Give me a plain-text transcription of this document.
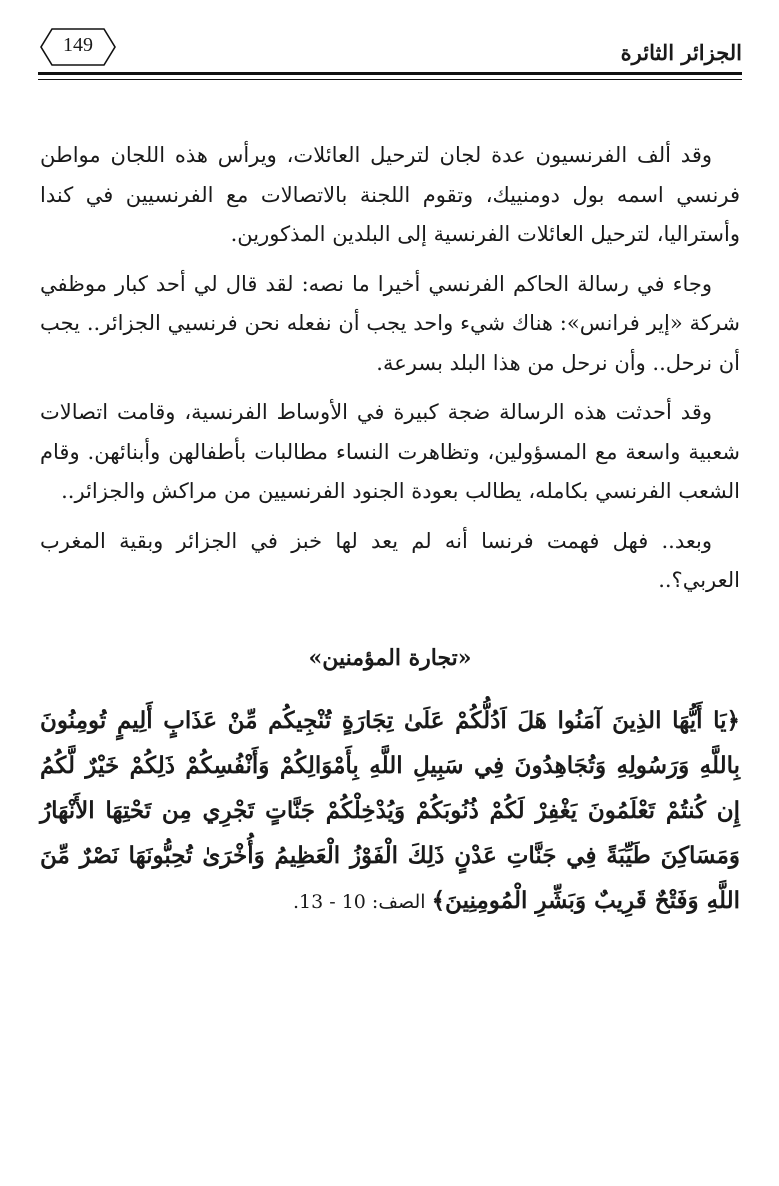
الجزائر الثائرة
149

وقد ألف الفرنسيون عدة لجان لترحيل العائلات، ويرأس هذه اللجان مواطن فرنسي اسمه بول دومنييك، وتقوم اللجنة بالاتصالات مع الفرنسيين في كندا وأستراليا، لترحيل العائلات الفرنسية إلى البلدين المذكورين.

وجاء في رسالة الحاكم الفرنسي أخيرا ما نصه: لقد قال لي أحد كبار موظفي شركة «إير فرانس»: هناك شيء واحد يجب أن نفعله نحن فرنسيي الجزائر.. يجب أن نرحل.. وأن نرحل من هذا البلد بسرعة.

وقد أحدثت هذه الرسالة ضجة كبيرة في الأوساط الفرنسية، وقامت اتصالات شعبية واسعة مع المسؤولين، وتظاهرت النساء مطالبات بأطفالهن وأبنائهن. وقام الشعب الفرنسي بكامله، يطالب بعودة الجنود الفرنسيين من مراكش والجزائر..

وبعد.. فهل فهمت فرنسا أنه لم يعد لها خبز في الجزائر وبقية المغرب العربي؟..

«تجارة المؤمنين»

﴿يَا أَيُّهَا الذِينَ آمَنُوا هَلَ اَدُلُّكُمْ عَلَىٰ تِجَارَةٍ تُنْجِيكُم مِّنْ عَذَابٍ أَلِيمٍ تُومِنُونَ بِاللَّهِ وَرَسُولِهِ وَتُجَاهِدُونَ فِي سَبِيلِ اللَّهِ بِأَمْوَالِكُمْ وَأَنْفُسِكُمْ ذَلِكُمْ خَيْرٌ لَّكُمُ إِن كُنتُمْ تَعْلَمُونَ يَغْفِرْ لَكُمْ ذُنُوبَكُمْ وَيُدْخِلْكُمْ جَنَّاتٍ تَجْرِي مِن تَحْتِهَا الأَنْهَارُ وَمَسَاكِنَ طَيِّبَةً فِي جَنَّاتِ عَدْنٍ ذَلِكَ الْفَوْزُ الْعَظِيمُ وَأُخْرَىٰ تُحِبُّونَهَا نَصْرٌ مِّنَ اللَّهِ وَفَتْحٌ قَرِيبٌ وَبَشِّرِ الْمُومِنِينَ﴾ الصف: 10 - 13.
